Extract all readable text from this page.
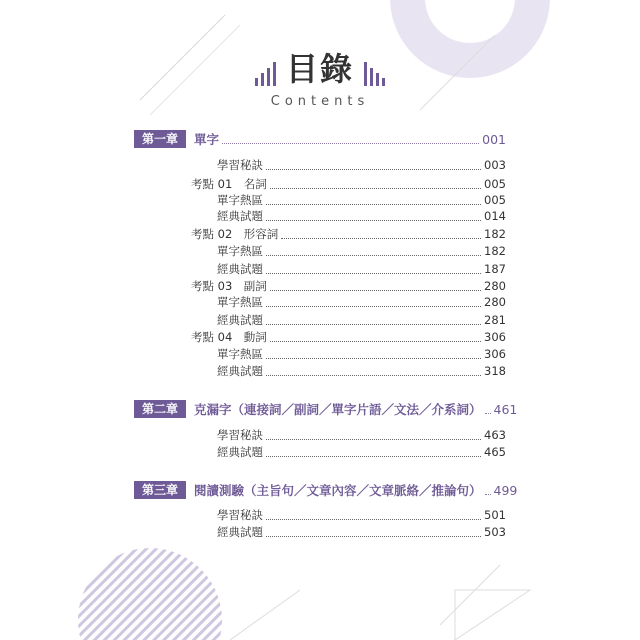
目錄
Contents
第一章	單字	001
學習秘訣	003
考點 01　名詞	005
單字熱區	005
經典試題	014
考點 02　形容詞	182
單字熱區	182
經典試題	187
考點 03　副詞	280
單字熱區	280
經典試題	281
考點 04　動詞	306
單字熱區	306
經典試題	318
第二章	克漏字（連接詞／副詞／單字片語／文法／介系詞） 461
學習秘訣	463
經典試題	465
第三章	閱讀測驗（主旨句／文章內容／文章脈絡／推論句） 499
學習秘訣	501
經典試題	503
